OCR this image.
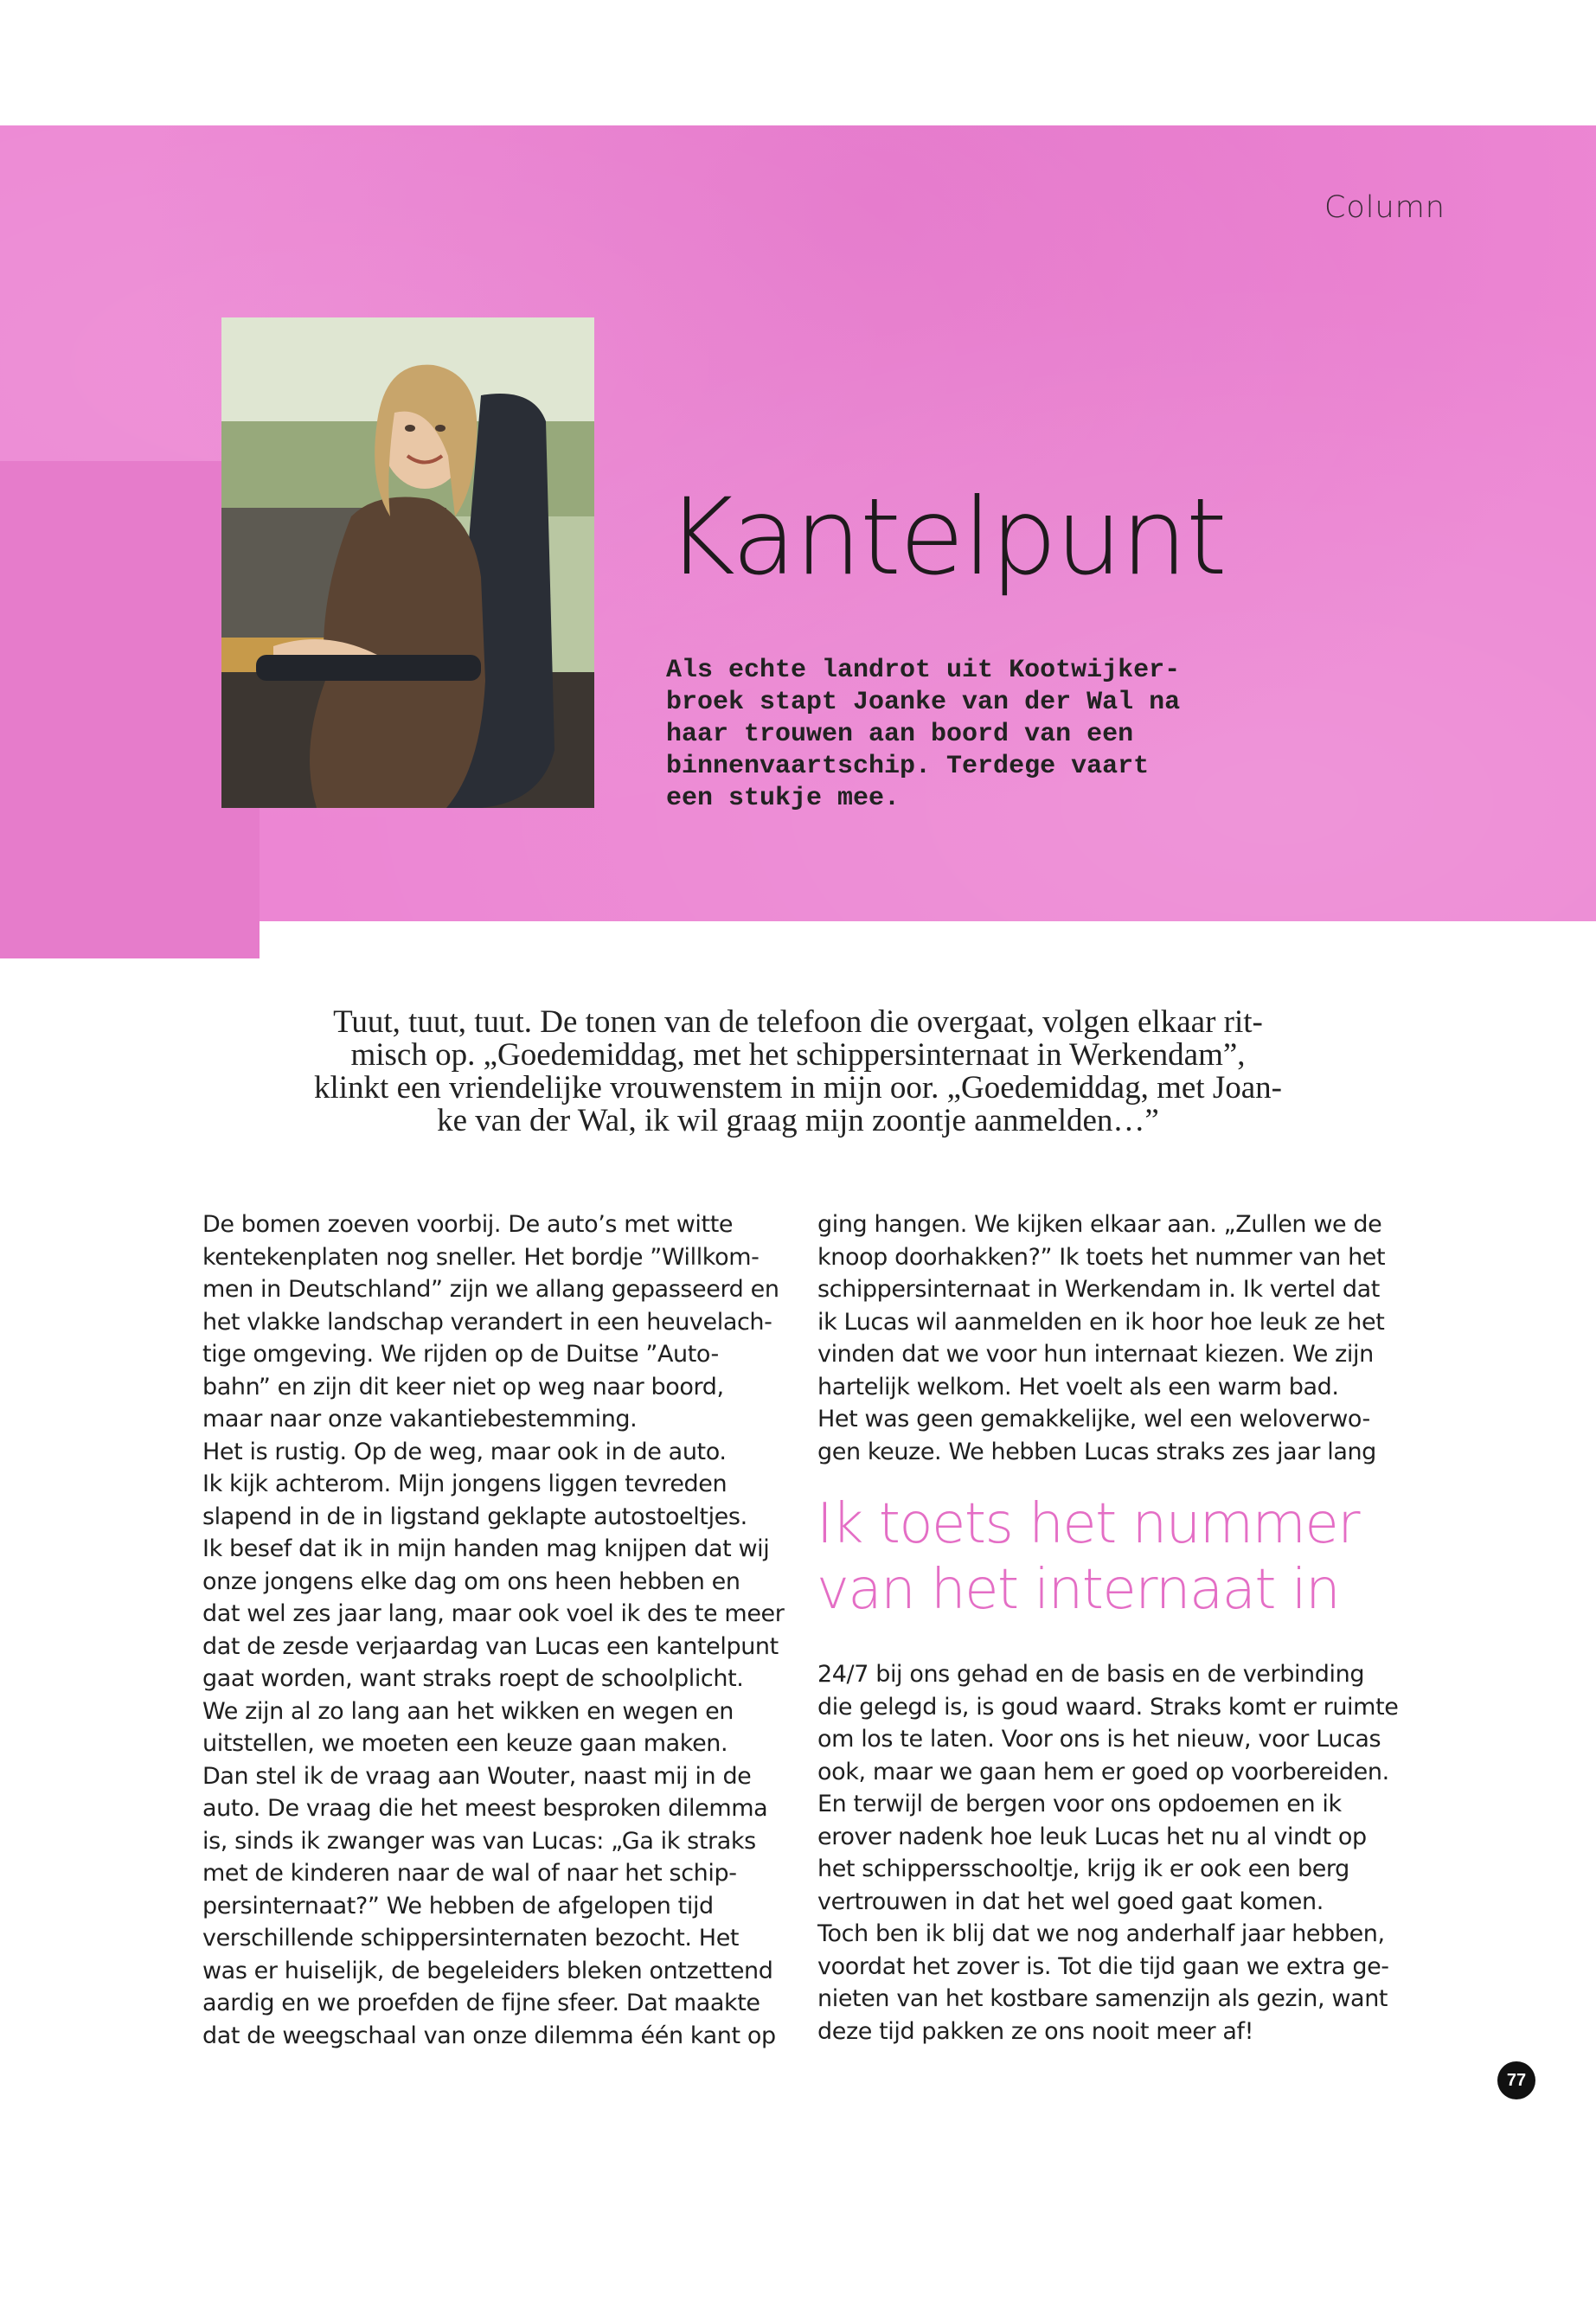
Column
Kantelpunt

Als echte landrot uit Kootwijker-
broek stapt Joanke van der Wal na
haar trouwen aan boord van een
binnenvaartschip. Terdege vaart
een stukje mee.

Tuut, tuut, tuut. De tonen van de telefoon die overgaat, volgen elkaar rit-
misch op. „Goedemiddag, met het schippersinternaat in Werkendam”,
klinkt een vriendelijke vrouwenstem in mijn oor. „Goedemiddag, met Joan-
ke van der Wal, ik wil graag mijn zoontje aanmelden…”

De bomen zoeven voorbij. De auto’s met witte
kentekenplaten nog sneller. Het bordje ”Willkom-
men in Deutschland” zijn we allang gepasseerd en
het vlakke landschap verandert in een heuvelach-
tige omgeving. We rijden op de Duitse ”Auto-
bahn” en zijn dit keer niet op weg naar boord,
maar naar onze vakantiebestemming.
Het is rustig. Op de weg, maar ook in de auto.
Ik kijk achterom. Mijn jongens liggen tevreden
slapend in de in ligstand geklapte autostoeltjes.
Ik besef dat ik in mijn handen mag knijpen dat wij
onze jongens elke dag om ons heen hebben en
dat wel zes jaar lang, maar ook voel ik des te meer
dat de zesde verjaardag van Lucas een kantelpunt
gaat worden, want straks roept de schoolplicht.
We zijn al zo lang aan het wikken en wegen en
uitstellen, we moeten een keuze gaan maken.
Dan stel ik de vraag aan Wouter, naast mij in de
auto. De vraag die het meest besproken dilemma
is, sinds ik zwanger was van Lucas: „Ga ik straks
met de kinderen naar de wal of naar het schip-
persinternaat?” We hebben de afgelopen tijd
verschillende schippersinternaten bezocht. Het
was er huiselijk, de begeleiders bleken ontzettend
aardig en we proefden de fijne sfeer. Dat maakte
dat de weegschaal van onze dilemma één kant op

ging hangen. We kijken elkaar aan. „Zullen we de
knoop doorhakken?” Ik toets het nummer van het
schippersinternaat in Werkendam in. Ik vertel dat
ik Lucas wil aanmelden en ik hoor hoe leuk ze het
vinden dat we voor hun internaat kiezen. We zijn
hartelijk welkom. Het voelt als een warm bad.
Het was geen gemakkelijke, wel een weloverwo-
gen keuze. We hebben Lucas straks zes jaar lang

Ik toets het nummer
van het internaat in

24/7 bij ons gehad en de basis en de verbinding
die gelegd is, is goud waard. Straks komt er ruimte
om los te laten. Voor ons is het nieuw, voor Lucas
ook, maar we gaan hem er goed op voorbereiden.
En terwijl de bergen voor ons opdoemen en ik
erover nadenk hoe leuk Lucas het nu al vindt op
het schippersschooltje, krijg ik er ook een berg
vertrouwen in dat het wel goed gaat komen.
Toch ben ik blij dat we nog anderhalf jaar hebben,
voordat het zover is. Tot die tijd gaan we extra ge-
nieten van het kostbare samenzijn als gezin, want
deze tijd pakken ze ons nooit meer af!

77
